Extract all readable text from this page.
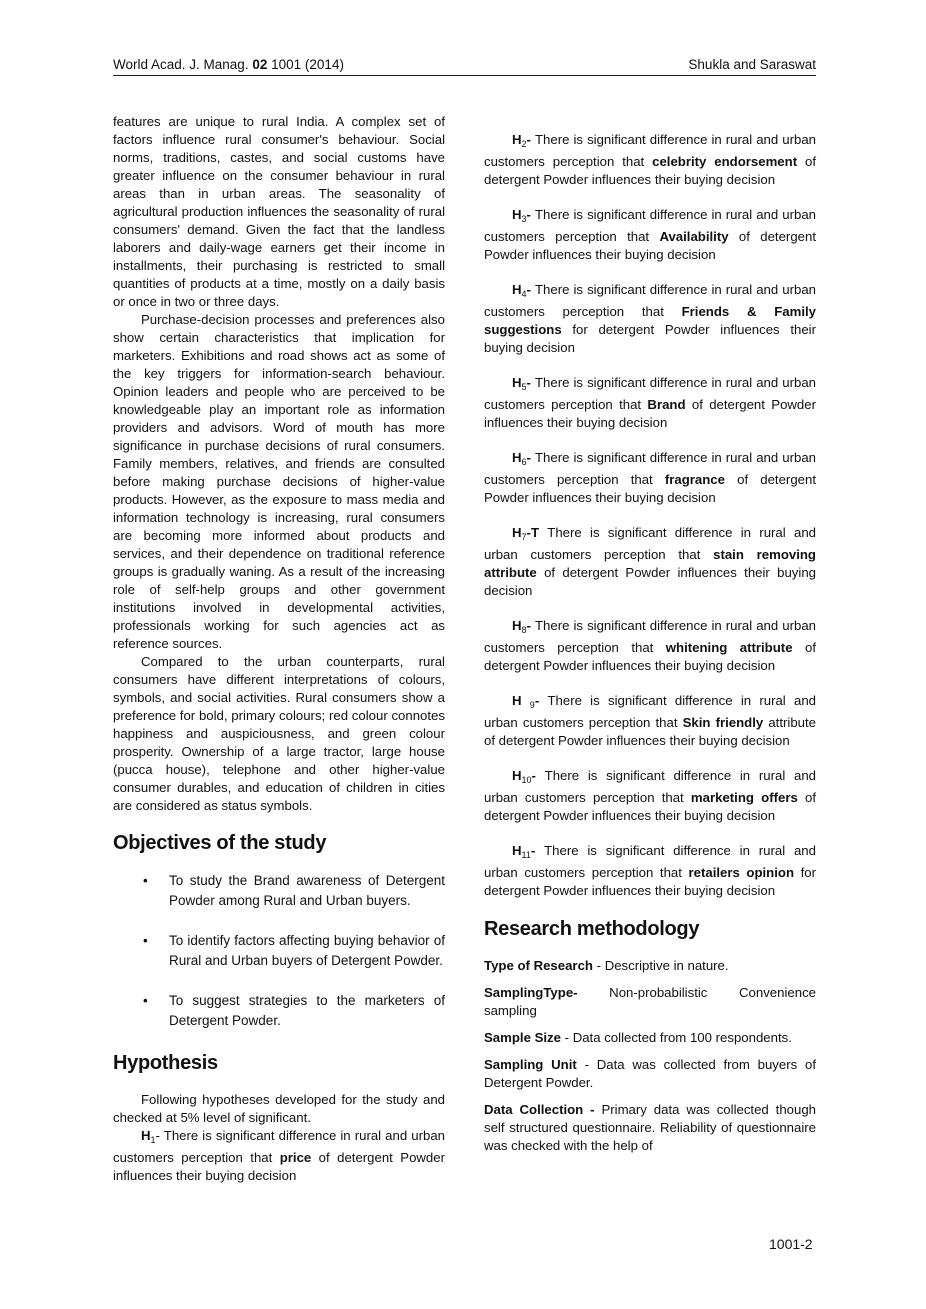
World Acad. J. Manag. 02 1001 (2014)	Shukla and Saraswat

features are unique to rural India. A complex set of factors influence rural consumer's behaviour. Social norms, traditions, castes, and social customs have greater influence on the consumer behaviour in rural areas than in urban areas. The seasonality of agricultural production influences the seasonality of rural consumers' demand. Given the fact that the landless laborers and daily-wage earners get their income in installments, their purchasing is restricted to small quantities of products at a time, mostly on a daily basis or once in two or three days.

Purchase-decision processes and preferences also show certain characteristics that implication for marketers. Exhibitions and road shows act as some of the key triggers for information-search behaviour. Opinion leaders and people who are perceived to be knowledgeable play an important role as information providers and advisors. Word of mouth has more significance in purchase decisions of rural consumers. Family members, relatives, and friends are consulted before making purchase decisions of higher-value products. However, as the exposure to mass media and information technology is increasing, rural consumers are becoming more informed about products and services, and their dependence on traditional reference groups is gradually waning. As a result of the increasing role of self-help groups and other government institutions involved in developmental activities, professionals working for such agencies act as reference sources.

Compared to the urban counterparts, rural consumers have different interpretations of colours, symbols, and social activities. Rural consumers show a preference for bold, primary colours; red colour connotes happiness and auspiciousness, and green colour prosperity. Ownership of a large tractor, large house (pucca house), telephone and other higher-value consumer durables, and education of children in cities are considered as status symbols.

Objectives of the study
• To study the Brand awareness of Detergent Powder among Rural and Urban buyers.
• To identify factors affecting buying behavior of Rural and Urban buyers of Detergent Powder.
• To suggest strategies to the marketers of Detergent Powder.
Hypothesis

Following hypotheses developed for the study and checked at 5% level of significant.

$H_1-$ There is significant difference in rural and urban customers perception that price of detergent Powder influences their buying decision

$H_2-$ There is significant difference in rural and urban customers perception that celebrity endorsement of detergent Powder influences their buying decision

$H_3-$ There is significant difference in rural and urban customers perception that Availability of detergent Powder influences their buying decision

$H_4-$ There is significant difference in rural and urban customers perception that Friends & Family suggestions for detergent Powder influences their buying decision

$H_5-$ There is significant difference in rural and urban customers perception that Brand of detergent Powder influences their buying decision

$H_6-$ There is significant difference in rural and urban customers perception that fragrance of detergent Powder influences their buying decision

$H_7-T$ There is significant difference in rural and urban customers perception that stain removing attribute of detergent Powder influences their buying decision

$H_8-$ There is significant difference in rural and urban customers perception that whitening attribute of detergent Powder influences their buying decision

H $_9$- There is significant difference in rural and urban customers perception that Skin friendly attribute of detergent Powder influences their buying decision

$H_{10}-$ There is significant difference in rural and urban customers perception that marketing offers of detergent Powder influences their buying decision

$H_{11}-$ There is significant difference in rural and urban customers perception that retailers opinion for detergent Powder influences their buying decision

Research methodology

Type of Research - Descriptive in nature.

SamplingType- Non-probabilistic Convenience sampling

Sample Size - Data collected from 100 respondents.

Sampling Unit - Data was collected from buyers of Detergent Powder.

Data Collection - Primary data was collected though self structured questionnaire. Reliability of questionnaire was checked with the help of

1001-2
